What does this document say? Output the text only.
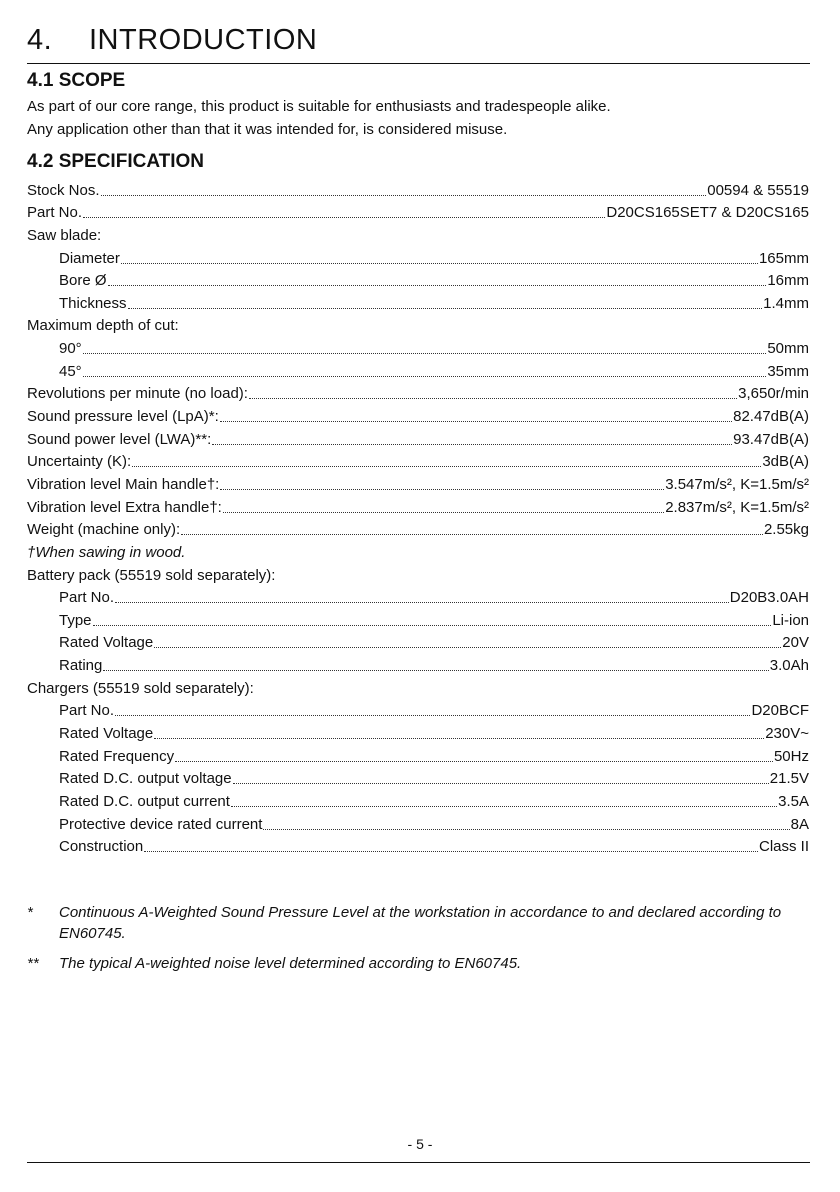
4. INTRODUCTION
4.1 SCOPE
As part of our core range, this product is suitable for enthusiasts and tradespeople alike.
Any application other than that it was intended for, is considered misuse.
4.2 SPECIFICATION
Stock Nos.	00594 & 55519
Part No.	D20CS165SET7 & D20CS165
Saw blade:
Diameter	165mm
Bore Ø	16mm
Thickness	1.4mm
Maximum depth of cut:
90°	50mm
45°	35mm
Revolutions per minute (no load):	3,650r/min
Sound pressure level (LpA)*:	82.47dB(A)
Sound power level (LWA)**:	93.47dB(A)
Uncertainty (K):	3dB(A)
Vibration level Main handle†:	3.547m/s², K=1.5m/s²
Vibration level Extra handle†:	2.837m/s², K=1.5m/s²
Weight (machine only):	2.55kg
†When sawing in wood.
Battery pack (55519 sold separately):
Part No.	D20B3.0AH
Type	Li-ion
Rated Voltage	20V
Rating	3.0Ah
Chargers (55519 sold separately):
Part No.	D20BCF
Rated Voltage	230V~
Rated Frequency	50Hz
Rated D.C. output voltage	21.5V
Rated D.C. output current	3.5A
Protective device rated current	8A
Construction	Class II
*	Continuous A-Weighted Sound Pressure Level at the workstation in accordance to and declared according to EN60745.
**	The typical A-weighted noise level determined according to EN60745.
- 5 -
